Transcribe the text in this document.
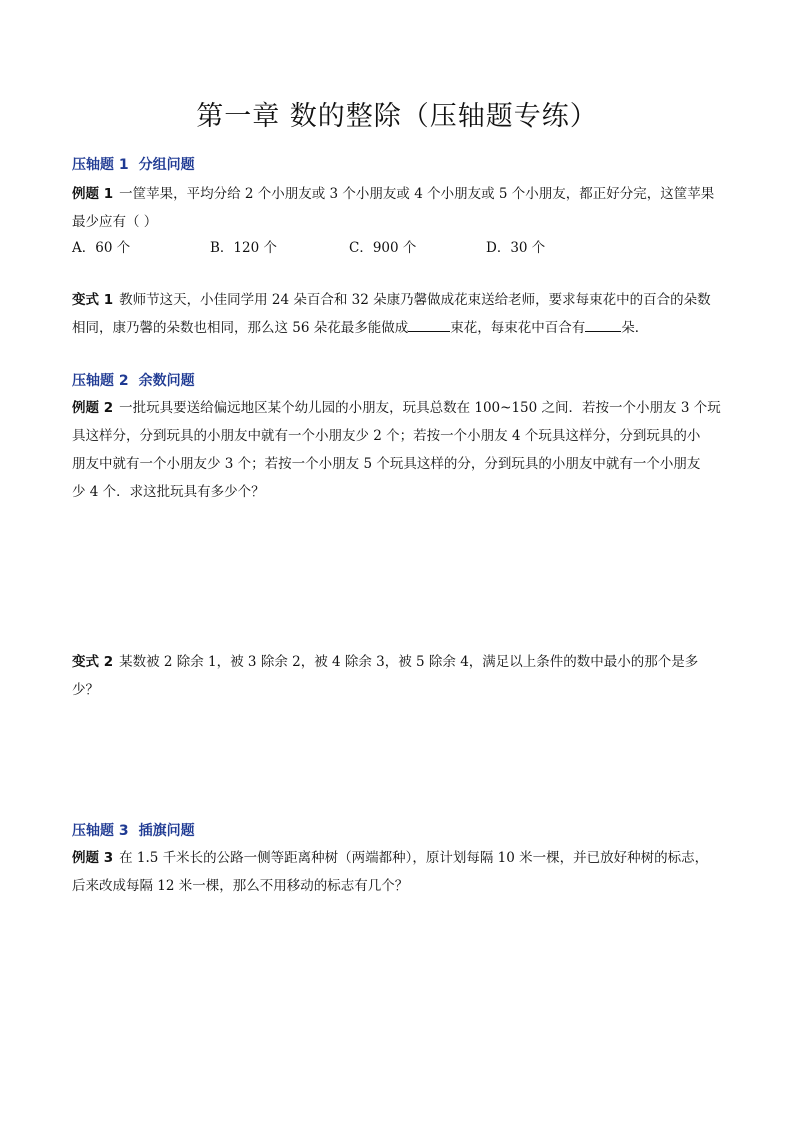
第一章 数的整除（压轴题专练）
压轴题 1 分组问题
例题 1 一筐苹果，平均分给 2 个小朋友或 3 个小朋友或 4 个小朋友或 5 个小朋友，都正好分完，这筐苹果
最少应有（ ）
A．60 个	B．120 个	C．900 个	D．30 个
变式 1 教师节这天，小佳同学用 24 朵百合和 32 朵康乃馨做成花束送给老师，要求每束花中的百合的朵数
相同，康乃馨的朵数也相同，那么这 56 朵花最多能做成	束花，每束花中百合有	朵．
压轴题 2 余数问题
例题 2 一批玩具要送给偏远地区某个幼儿园的小朋友，玩具总数在 100~150 之间．若按一个小朋友 3 个玩
具这样分，分到玩具的小朋友中就有一个小朋友少 2 个；若按一个小朋友 4 个玩具这样分，分到玩具的小
朋友中就有一个小朋友少 3 个；若按一个小朋友 5 个玩具这样的分，分到玩具的小朋友中就有一个小朋友
少 4 个．求这批玩具有多少个？
变式 2 某数被 2 除余 1，被 3 除余 2，被 4 除余 3，被 5 除余 4，满足以上条件的数中最小的那个是多少？
压轴题 3 插旗问题
例题 3 在 1.5 千米长的公路一侧等距离种树（两端都种），原计划每隔 10 米一棵，并已放好种树的标志，
后来改成每隔 12 米一棵，那么不用移动的标志有几个？
